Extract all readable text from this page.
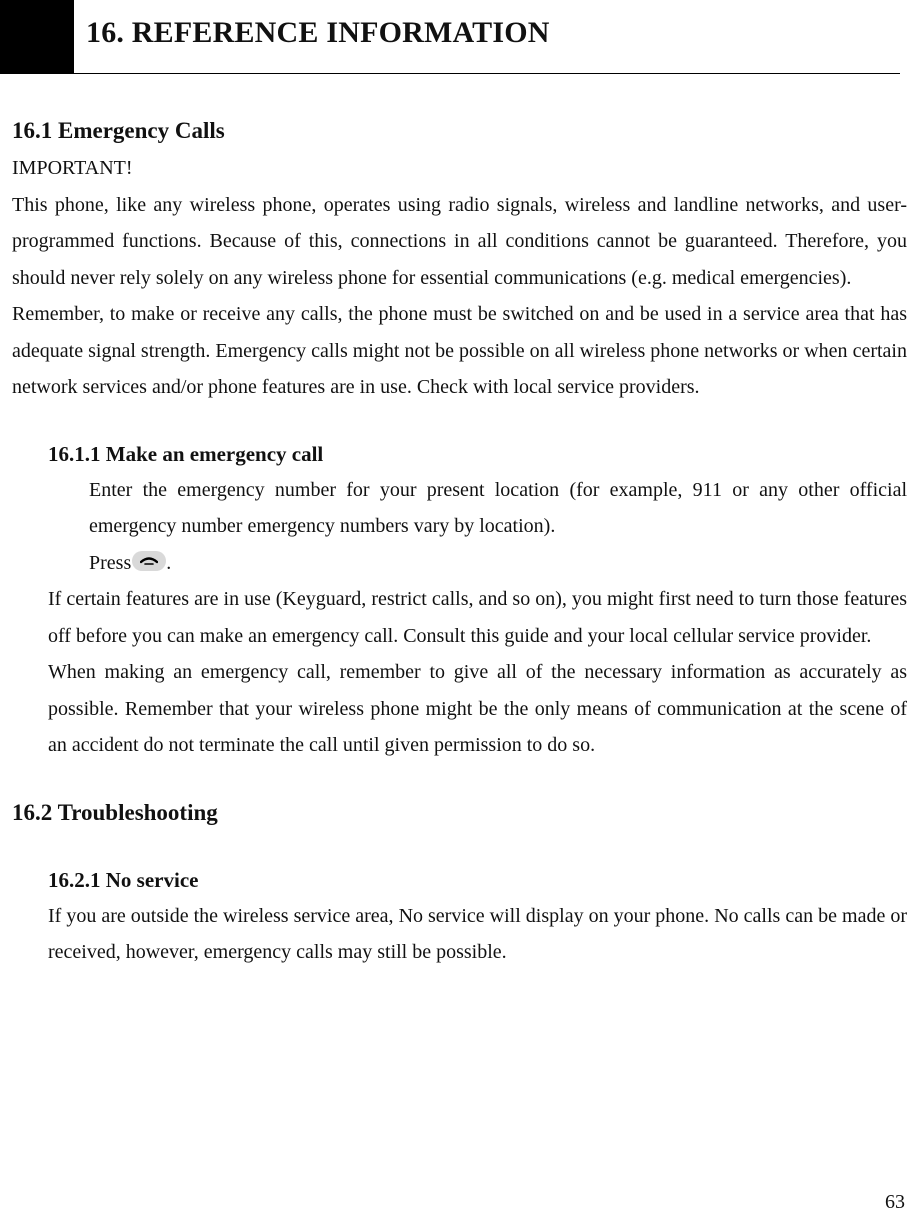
16. REFERENCE INFORMATION
16.1 Emergency Calls

IMPORTANT!

This phone, like any wireless phone, operates using radio signals, wireless and landline networks, and user-programmed functions. Because of this, connections in all conditions cannot be guaranteed. Therefore, you should never rely solely on any wireless phone for essential communications (e.g. medical emergencies).

Remember, to make or receive any calls, the phone must be switched on and be used in a service area that has adequate signal strength. Emergency calls might not be possible on all wireless phone networks or when certain network services and/or phone features are in use. Check with local service providers.

16.1.1 Make an emergency call

Enter the emergency number for your present location (for example, 911 or any other official emergency number emergency numbers vary by location).

Press .

If certain features are in use (Keyguard, restrict calls, and so on), you might first need to turn those features off before you can make an emergency call. Consult this guide and your local cellular service provider.

When making an emergency call, remember to give all of the necessary information as accurately as possible. Remember that your wireless phone might be the only means of communication at the scene of an accident do not terminate the call until given permission to do so.

16.2 Troubleshooting
16.2.1 No service

If you are outside the wireless service area, No service will display on your phone. No calls can be made or received, however, emergency calls may still be possible.

63
